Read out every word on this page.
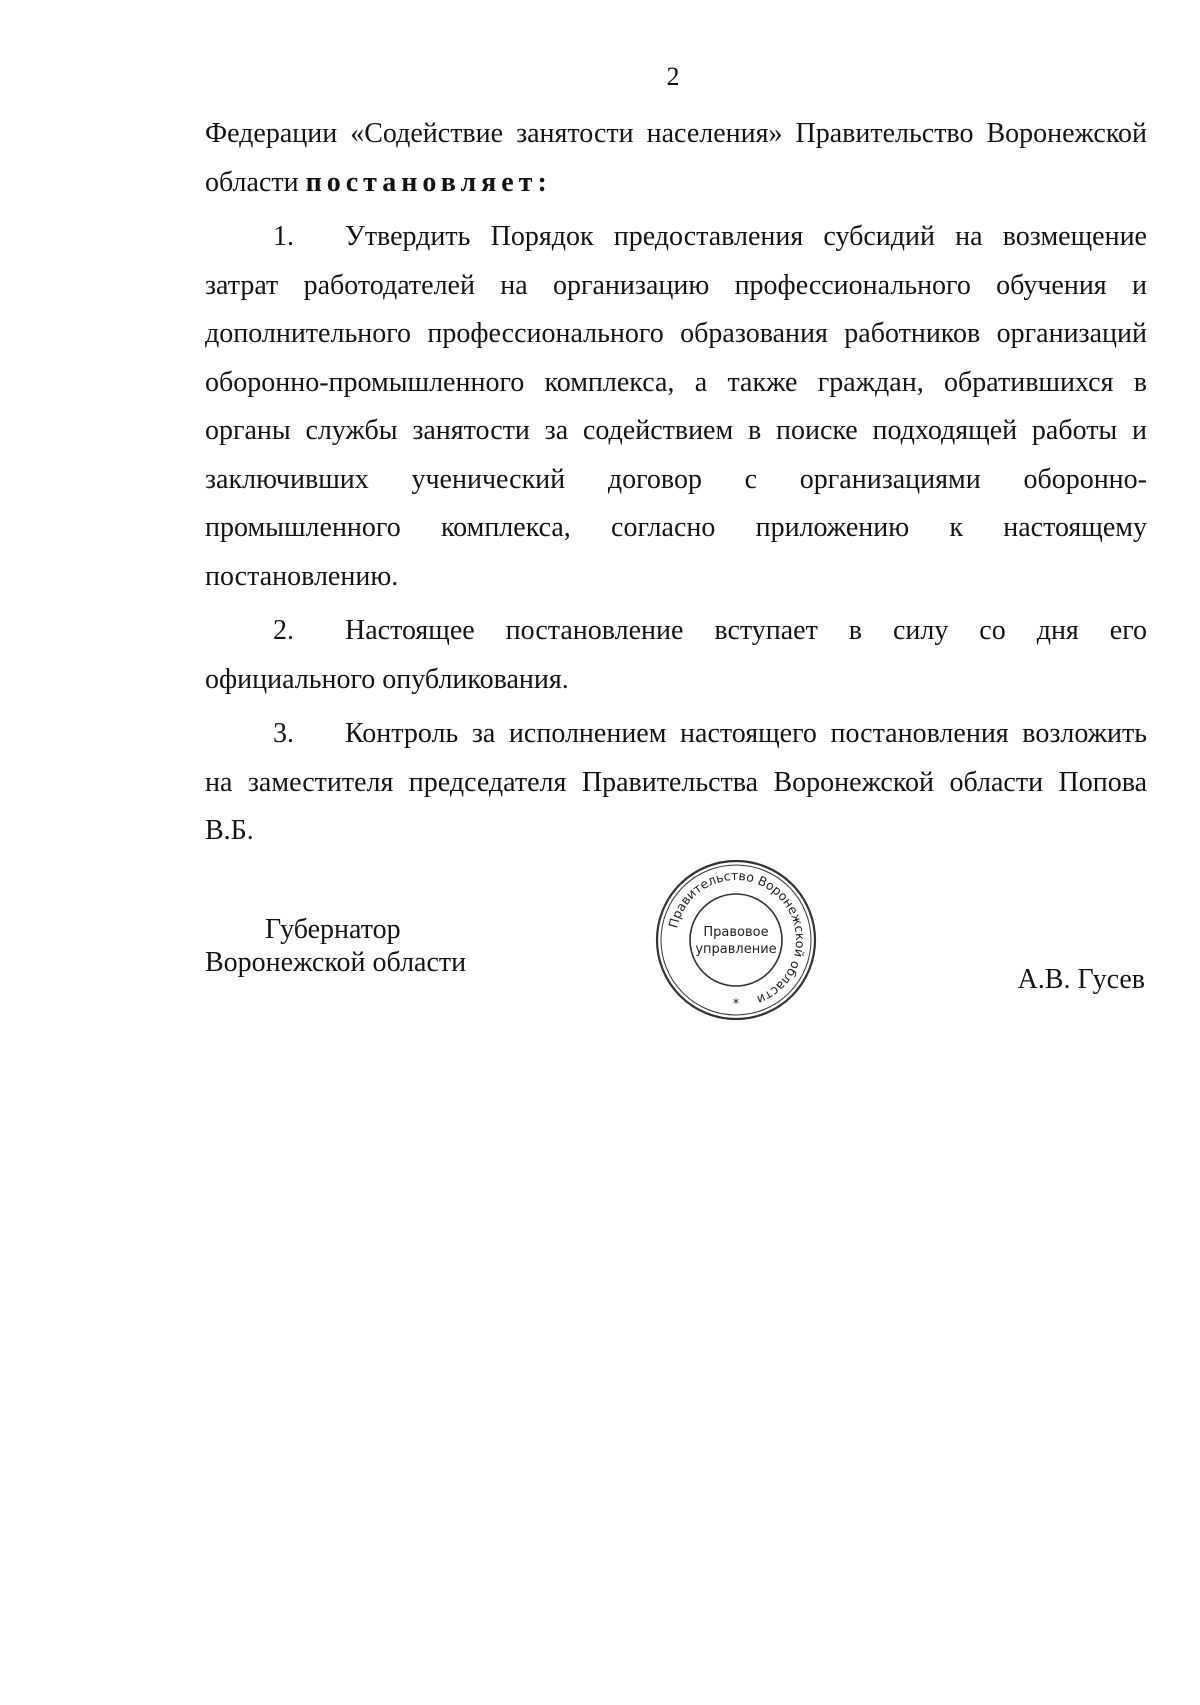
2

Федерации «Содействие занятости населения» Правительство Воронежской области постановляет:

1. Утвердить Порядок предоставления субсидий на возмещение затрат работодателей на организацию профессионального обучения и дополнительного профессионального образования работников организаций оборонно-промышленного комплекса, а также граждан, обратившихся в органы службы занятости за содействием в поиске подходящей работы и заключивших ученический договор с организациями оборонно-промышленного комплекса, согласно приложению к настоящему постановлению.

2. Настоящее постановление вступает в силу со дня его официального опубликования.

3. Контроль за исполнением настоящего постановления возложить на заместителя председателя Правительства Воронежской области Попова В.Б.

Губернатор
Воронежской области
Правительство Воронежской области
Правовое
управление
*
А.В. Гусев
